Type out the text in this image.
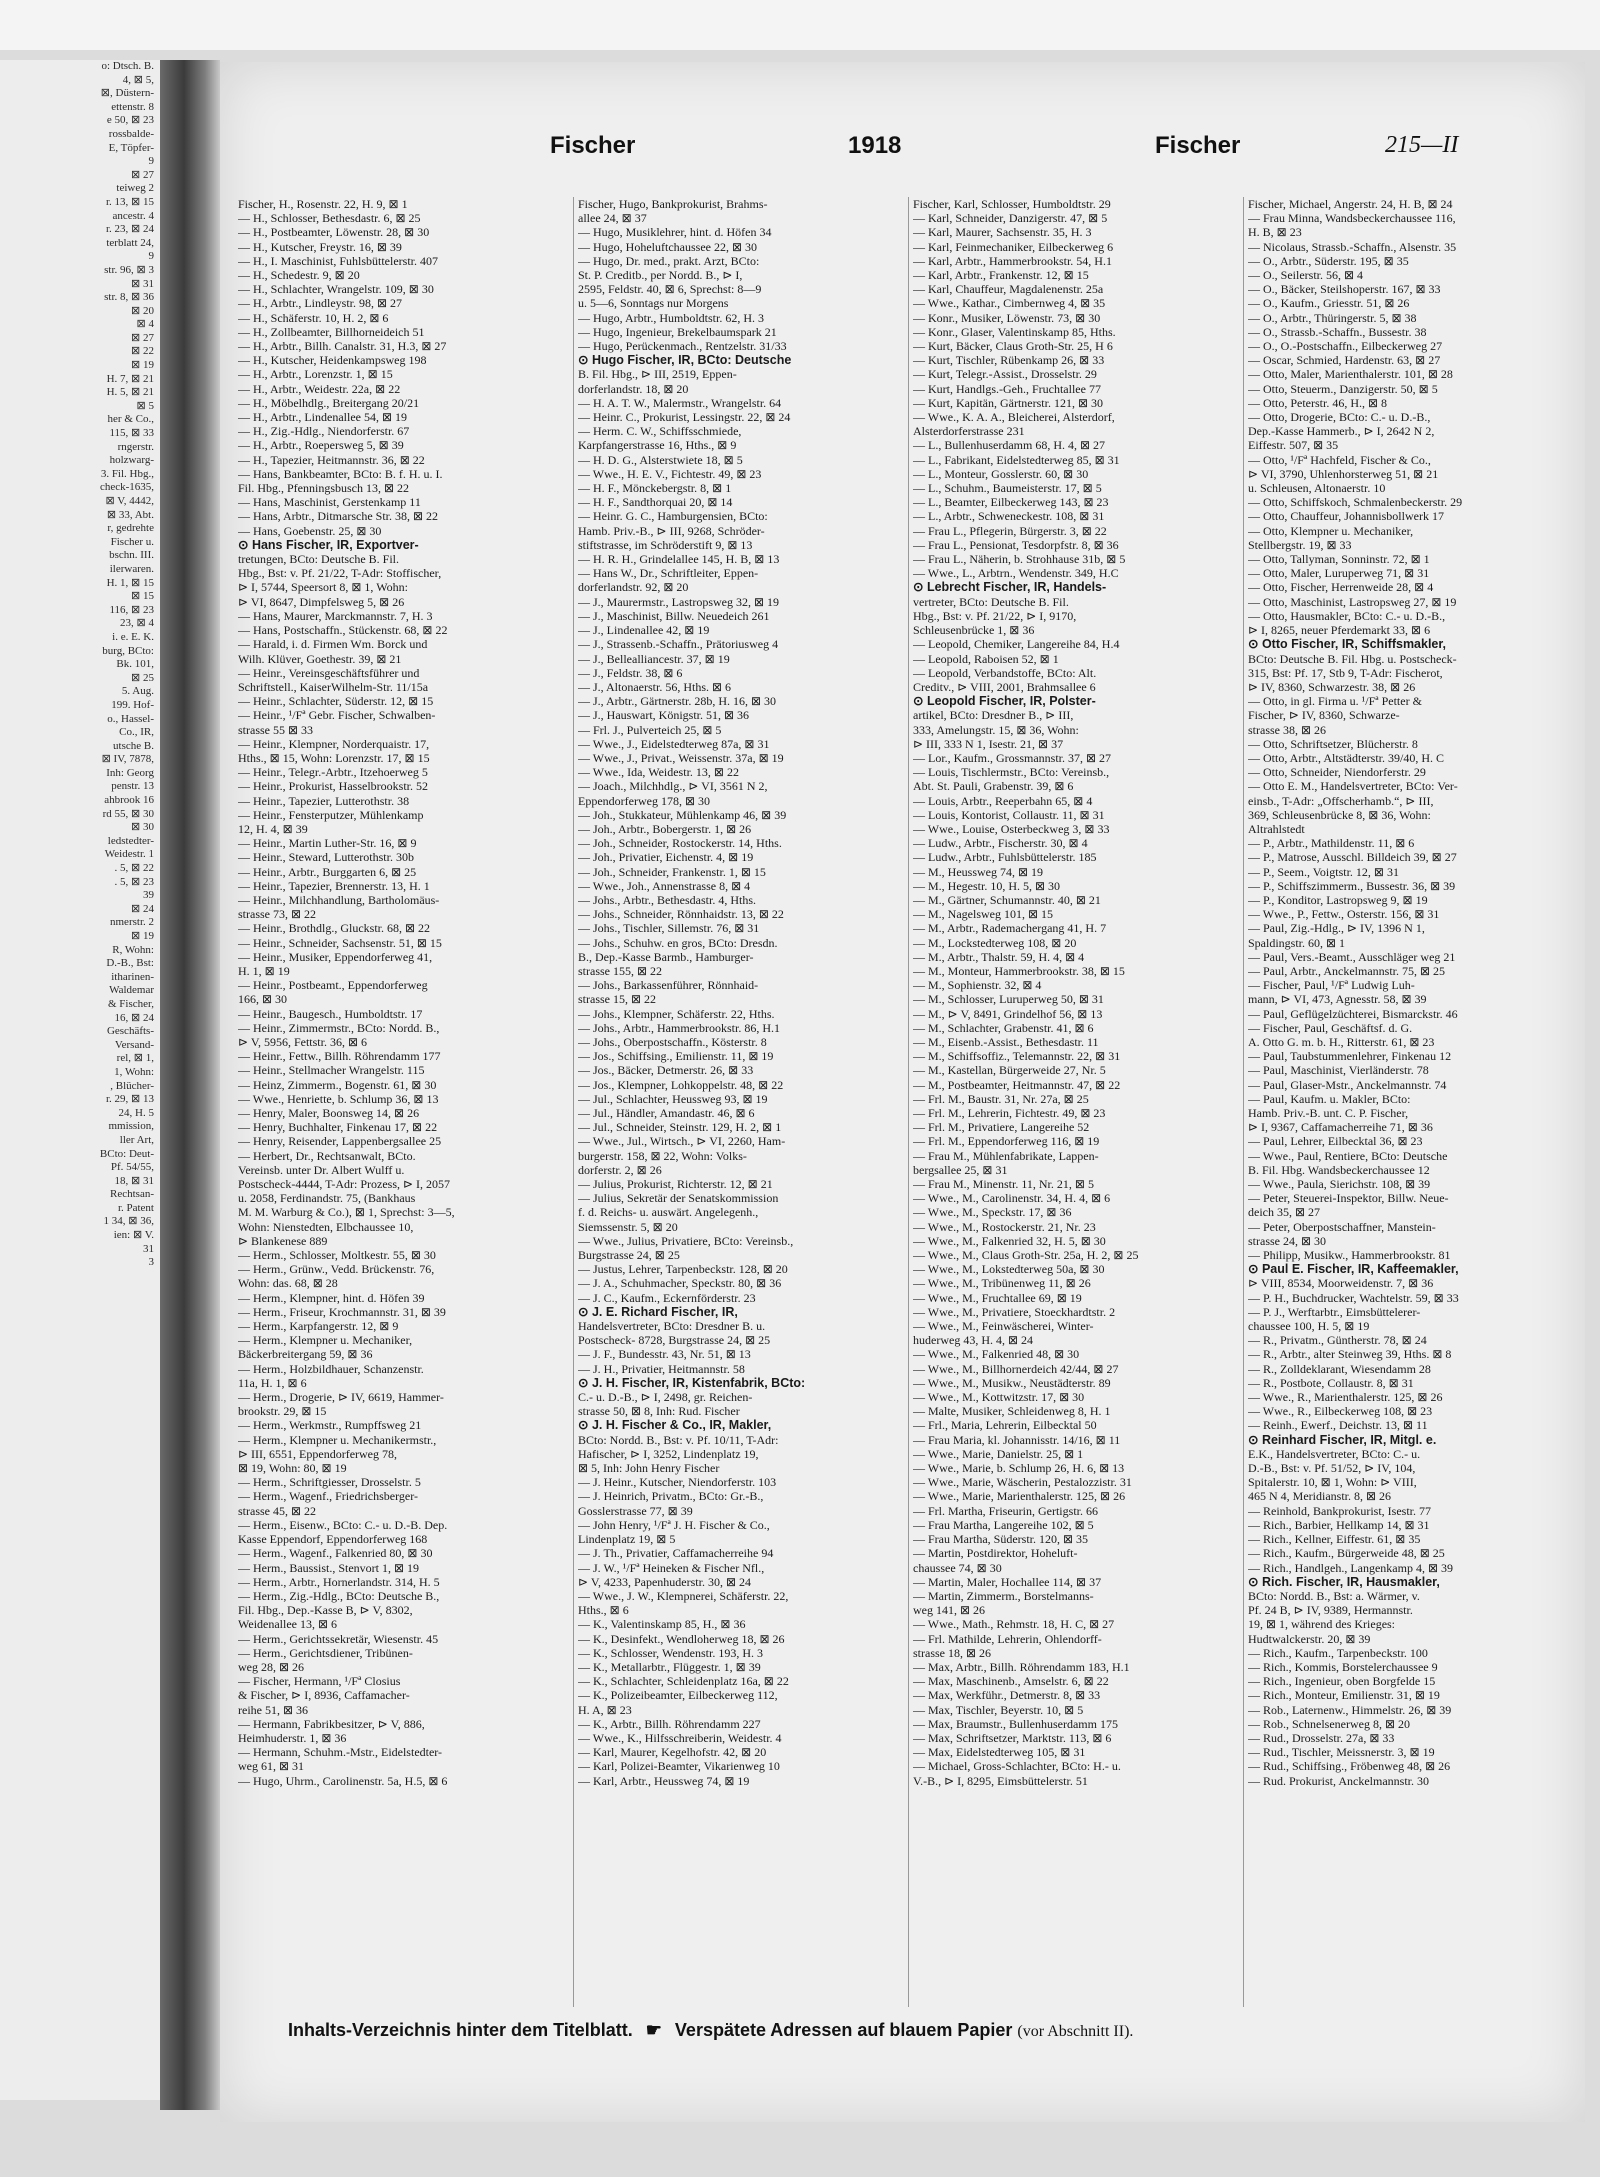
o: Dtsch. B.
4, ⊠ 5,
⊠, Düstern-
ettenstr. 8
e 50, ⊠ 23
rossbalde-
E, Töpfer-
9
⊠ 27
teiweg 2
r. 13, ⊠ 15
ancestr. 4
r. 23, ⊠ 24
terblatt 24,
9
str. 96, ⊠ 3
⊠ 31
str. 8, ⊠ 36
⊠ 20
⊠ 4
⊠ 27
⊠ 22
⊠ 19
H. 7, ⊠ 21
H. 5, ⊠ 21
⊠ 5
her & Co.,
115, ⊠ 33
rngerstr.
holzwarg-
3. Fil. Hbg.,
check-1635,
⊠ V, 4442,
⊠ 33, Abt.
r, gedrehte
Fischer u.
bschn. III.
ilerwaren.
H. 1, ⊠ 15
⊠ 15
116, ⊠ 23
23, ⊠ 4
i. e. E. K.
burg, BCto:
Bk. 101,
⊠ 25
5. Aug.
199. Hof-
o., Hassel-
Co., IR,
utsche B.
⊠ IV, 7878,
Inh: Georg
penstr. 13
ahbrook 16
rd 55, ⊠ 30
⊠ 30
ledstedter-
Weidestr. 1
. 5, ⊠ 22
. 5, ⊠ 23
39
⊠ 24
nmerstr. 2
⊠ 19
R, Wohn:
D.-B., Bst:
itharinen-
Waldemar
& Fischer,
16, ⊠ 24
Geschäfts-
Versand-
rel, ⊠ 1,
1, Wohn:
, Blücher-
r. 29, ⊠ 13
24, H. 5
mmission,
ller Art,
BCto: Deut-
Pf. 54/55,
18, ⊠ 31
Rechtsan-
r. Patent
1 34, ⊠ 36,
ien: ⊠ V.
31
3
Fischer	1918	Fischer	215—II
Fischer, H., Rosenstr. 22, H. 9, ⊠ 1
— H., Schlosser, Bethesdastr. 6, ⊠ 25
— H., Postbeamter, Löwenstr. 28, ⊠ 30
— H., Kutscher, Freystr. 16, ⊠ 39
— H., I. Maschinist, Fuhlsbüttelerstr. 407
— H., Schedestr. 9, ⊠ 20
— H., Schlachter, Wrangelstr. 109, ⊠ 30
— H., Arbtr., Lindleystr. 98, ⊠ 27
— H., Schäferstr. 10, H. 2, ⊠ 6
— H., Zollbeamter, Billhorneideich 51
— H., Arbtr., Billh. Canalstr. 31, H.3, ⊠ 27
— H., Kutscher, Heidenkampsweg 198
— H., Arbtr., Lorenzstr. 1, ⊠ 15
— H., Arbtr., Weidestr. 22a, ⊠ 22
— H., Möbelhdlg., Breitergang 20/21
— H., Arbtr., Lindenallee 54, ⊠ 19
— H., Zig.-Hdlg., Niendorferstr. 67
— H., Arbtr., Roepersweg 5, ⊠ 39
— H., Tapezier, Heitmannstr. 36, ⊠ 22
— Hans, Bankbeamter, BCto: B. f. H. u. I.
Fil. Hbg., Pfenningsbusch 13, ⊠ 22
— Hans, Maschinist, Gerstenkamp 11
— Hans, Arbtr., Ditmarsche Str. 38, ⊠ 22
— Hans, Goebenstr. 25, ⊠ 30
⊙ Hans Fischer, IR, Exportver-
tretungen, BCto: Deutsche B. Fil.
Hbg., Bst: v. Pf. 21/22, T-Adr: Stoffischer,
⊳ I, 5744, Speersort 8, ⊠ 1, Wohn:
⊳ VI, 8647, Dimpfelsweg 5, ⊠ 26
— Hans, Maurer, Marckmannstr. 7, H. 3
— Hans, Postschaffn., Stückenstr. 68, ⊠ 22
— Harald, i. d. Firmen Wm. Borck und
Wilh. Klüver, Goethestr. 39, ⊠ 21
— Heinr., Vereinsgeschäftsführer und
Schriftstell., KaiserWilhelm-Str. 11/15a
— Heinr., Schlachter, Süderstr. 12, ⊠ 15
— Heinr., ¹/Fª Gebr. Fischer, Schwalben-
strasse 55 ⊠ 33
— Heinr., Klempner, Norderquaistr. 17,
Hths., ⊠ 15, Wohn: Lorenzstr. 17, ⊠ 15
— Heinr., Telegr.-Arbtr., Itzehoerweg 5
— Heinr., Prokurist, Hasselbrookstr. 52
— Heinr., Tapezier, Lutterothstr. 38
— Heinr., Fensterputzer, Mühlenkamp
12, H. 4, ⊠ 39
— Heinr., Martin Luther-Str. 16, ⊠ 9
— Heinr., Steward, Lutterothstr. 30b
— Heinr., Arbtr., Burggarten 6, ⊠ 25
— Heinr., Tapezier, Brennerstr. 13, H. 1
— Heinr., Milchhandlung, Bartholomäus-
strasse 73, ⊠ 22
— Heinr., Brothdlg., Gluckstr. 68, ⊠ 22
— Heinr., Schneider, Sachsenstr. 51, ⊠ 15
— Heinr., Musiker, Eppendorferweg 41,
H. 1, ⊠ 19
— Heinr., Postbeamt., Eppendorferweg
166, ⊠ 30
— Heinr., Baugesch., Humboldtstr. 17
— Heinr., Zimmermstr., BCto: Nordd. B.,
⊳ V, 5956, Fettstr. 36, ⊠ 6
— Heinr., Fettw., Billh. Röhrendamm 177
— Heinr., Stellmacher Wrangelstr. 115
— Heinz, Zimmerm., Bogenstr. 61, ⊠ 30
— Wwe., Henriette, b. Schlump 36, ⊠ 13
— Henry, Maler, Boonsweg 14, ⊠ 26
— Henry, Buchhalter, Finkenau 17, ⊠ 22
— Henry, Reisender, Lappenbergsallee 25
— Herbert, Dr., Rechtsanwalt, BCto.
Vereinsb. unter Dr. Albert Wulff u.
Postscheck-4444, T-Adr: Prozess, ⊳ I, 2057
u. 2058, Ferdinandstr. 75, (Bankhaus
M. M. Warburg & Co.), ⊠ 1, Sprechst: 3—5,
Wohn: Nienstedten, Elbchaussee 10,
⊳ Blankenese 889
— Herm., Schlosser, Moltkestr. 55, ⊠ 30
— Herm., Grünw., Vedd. Brückenstr. 76,
Wohn: das. 68, ⊠ 28
— Herm., Klempner, hint. d. Höfen 39
— Herm., Friseur, Krochmannstr. 31, ⊠ 39
— Herm., Karpfangerstr. 12, ⊠ 9
— Herm., Klempner u. Mechaniker,
Bäckerbreitergang 59, ⊠ 36
— Herm., Holzbildhauer, Schanzenstr.
11a, H. 1, ⊠ 6
— Herm., Drogerie, ⊳ IV, 6619, Hammer-
brookstr. 29, ⊠ 15
— Herm., Werkmstr., Rumpffsweg 21
— Herm., Klempner u. Mechanikermstr.,
⊳ III, 6551, Eppendorferweg 78,
⊠ 19, Wohn: 80, ⊠ 19
— Herm., Schriftgiesser, Drosselstr. 5
— Herm., Wagenf., Friedrichsberger-
strasse 45, ⊠ 22
— Herm., Eisenw., BCto: C.- u. D.-B. Dep.
Kasse Eppendorf, Eppendorferweg 168
— Herm., Wagenf., Falkenried 80, ⊠ 30
— Herm., Baussist., Stenvort 1, ⊠ 19
— Herm., Arbtr., Hornerlandstr. 314, H. 5
— Herm., Zig.-Hdlg., BCto: Deutsche B.,
Fil. Hbg., Dep.-Kasse B, ⊳ V, 8302,
Weidenallee 13, ⊠ 6
— Herm., Gerichtssekretär, Wiesenstr. 45
— Herm., Gerichtsdiener, Tribünen-
weg 28, ⊠ 26
— Fischer, Hermann, ¹/Fª Closius
& Fischer, ⊳ I, 8936, Caffamacher-
reihe 51, ⊠ 36
— Hermann, Fabrikbesitzer, ⊳ V, 886,
Heimhuderstr. 1, ⊠ 36
— Hermann, Schuhm.-Mstr., Eidelstedter-
weg 61, ⊠ 31
— Hugo, Uhrm., Carolinenstr. 5a, H.5, ⊠ 6
Fischer, Hugo, Bankprokurist, Brahms-
allee 24, ⊠ 37
— Hugo, Musiklehrer, hint. d. Höfen 34
— Hugo, Hoheluftchaussee 22, ⊠ 30
— Hugo, Dr. med., prakt. Arzt, BCto:
St. P. Creditb., per Nordd. B., ⊳ I,
2595, Feldstr. 40, ⊠ 6, Sprechst: 8—9
u. 5—6, Sonntags nur Morgens
— Hugo, Arbtr., Humboldtstr. 62, H. 3
— Hugo, Ingenieur, Brekelbaumspark 21
— Hugo, Perückenmach., Rentzelstr. 31/33
⊙ Hugo Fischer, IR, BCto: Deutsche
B. Fil. Hbg., ⊳ III, 2519, Eppen-
dorferlandstr. 18, ⊠ 20
— H. A. T. W., Malermstr., Wrangelstr. 64
— Heinr. C., Prokurist, Lessingstr. 22, ⊠ 24
— Herm. C. W., Schiffsschmiede,
Karpfangerstrasse 16, Hths., ⊠ 9
— H. D. G., Alsterstwiete 18, ⊠ 5
— Wwe., H. E. V., Fichtestr. 49, ⊠ 23
— H. F., Mönckebergstr. 8, ⊠ 1
— H. F., Sandthorquai 20, ⊠ 14
— Heinr. G. C., Hamburgensien, BCto:
Hamb. Priv.-B., ⊳ III, 9268, Schröder-
stiftstrasse, im Schröderstift 9, ⊠ 13
— H. R. H., Grindelallee 145, H. B, ⊠ 13
— Hans W., Dr., Schriftleiter, Eppen-
dorferlandstr. 92, ⊠ 20
— J., Maurermstr., Lastropsweg 32, ⊠ 19
— J., Maschinist, Billw. Neuedeich 261
— J., Lindenallee 42, ⊠ 19
— J., Strassenb.-Schaffn., Prätoriusweg 4
— J., Bellealliancestr. 37, ⊠ 19
— J., Feldstr. 38, ⊠ 6
— J., Altonaerstr. 56, Hths. ⊠ 6
— J., Arbtr., Gärtnerstr. 28b, H. 16, ⊠ 30
— J., Hauswart, Königstr. 51, ⊠ 36
— Frl. J., Pulverteich 25, ⊠ 5
— Wwe., J., Eidelstedterweg 87a, ⊠ 31
— Wwe., J., Privat., Weissenstr. 37a, ⊠ 19
— Wwe., Ida, Weidestr. 13, ⊠ 22
— Joach., Milchhdlg., ⊳ VI, 3561 N 2,
Eppendorferweg 178, ⊠ 30
— Joh., Stukkateur, Mühlenkamp 46, ⊠ 39
— Joh., Arbtr., Bobergerstr. 1, ⊠ 26
— Joh., Schneider, Rostockerstr. 14, Hths.
— Joh., Privatier, Eichenstr. 4, ⊠ 19
— Joh., Schneider, Frankenstr. 1, ⊠ 15
— Wwe., Joh., Annenstrasse 8, ⊠ 4
— Johs., Arbtr., Bethesdastr. 4, Hths.
— Johs., Schneider, Rönnhaidstr. 13, ⊠ 22
— Johs., Tischler, Sillemstr. 76, ⊠ 31
— Johs., Schuhw. en gros, BCto: Dresdn.
B., Dep.-Kasse Barmb., Hamburger-
strasse 155, ⊠ 22
— Johs., Barkassenführer, Rönnhaid-
strasse 15, ⊠ 22
— Johs., Klempner, Schäferstr. 22, Hths.
— Johs., Arbtr., Hammerbrookstr. 86, H.1
— Johs., Oberpostschaffn., Kösterstr. 8
— Jos., Schiffsing., Emilienstr. 11, ⊠ 19
— Jos., Bäcker, Detmerstr. 26, ⊠ 33
— Jos., Klempner, Lohkoppelstr. 48, ⊠ 22
— Jul., Schlachter, Heussweg 93, ⊠ 19
— Jul., Händler, Amandastr. 46, ⊠ 6
— Jul., Schneider, Steinstr. 129, H. 2, ⊠ 1
— Wwe., Jul., Wirtsch., ⊳ VI, 2260, Ham-
burgerstr. 158, ⊠ 22, Wohn: Volks-
dorferstr. 2, ⊠ 26
— Julius, Prokurist, Richterstr. 12, ⊠ 21
— Julius, Sekretär der Senatskommission
f. d. Reichs- u. auswärt. Angelegenh.,
Siemssenstr. 5, ⊠ 20
— Wwe., Julius, Privatiere, BCto: Vereinsb.,
Burgstrasse 24, ⊠ 25
— Justus, Lehrer, Tarpenbeckstr. 128, ⊠ 20
— J. A., Schuhmacher, Speckstr. 80, ⊠ 36
— J. C., Kaufm., Eckernförderstr. 23
⊙ J. E. Richard Fischer, IR,
Handelsvertreter, BCto: Dresdner B. u.
Postscheck- 8728, Burgstrasse 24, ⊠ 25
— J. F., Bundesstr. 43, Nr. 51, ⊠ 13
— J. H., Privatier, Heitmannstr. 58
⊙ J. H. Fischer, IR, Kistenfabrik, BCto:
C.- u. D.-B., ⊳ I, 2498, gr. Reichen-
strasse 50, ⊠ 8, Inh: Rud. Fischer
⊙ J. H. Fischer & Co., IR, Makler,
BCto: Nordd. B., Bst: v. Pf. 10/11, T-Adr:
Hafischer, ⊳ I, 3252, Lindenplatz 19,
⊠ 5, Inh: John Henry Fischer
— J. Heinr., Kutscher, Niendorferstr. 103
— J. Heinrich, Privatm., BCto: Gr.-B.,
Gosslerstrasse 77, ⊠ 39
— John Henry, ¹/Fª J. H. Fischer & Co.,
Lindenplatz 19, ⊠ 5
— J. Th., Privatier, Caffamacherreihe 94
— J. W., ¹/Fª Heineken & Fischer Nfl.,
⊳ V, 4233, Papenhuderstr. 30, ⊠ 24
— Wwe., J. W., Klempnerei, Schäferstr. 22,
Hths., ⊠ 6
— K., Valentinskamp 85, H., ⊠ 36
— K., Desinfekt., Wendloherweg 18, ⊠ 26
— K., Schlosser, Wendenstr. 193, H. 3
— K., Metallarbtr., Flüggestr. 1, ⊠ 39
— K., Schlachter, Schleidenplatz 16a, ⊠ 22
— K., Polizeibeamter, Eilbeckerweg 112,
H. A, ⊠ 23
— K., Arbtr., Billh. Röhrendamm 227
— Wwe., K., Hilfsschreiberin, Weidestr. 4
— Karl, Maurer, Kegelhofstr. 42, ⊠ 20
— Karl, Polizei-Beamter, Vikarienweg 10
— Karl, Arbtr., Heussweg 74, ⊠ 19
Fischer, Karl, Schlosser, Humboldtstr. 29
— Karl, Schneider, Danzigerstr. 47, ⊠ 5
— Karl, Maurer, Sachsenstr. 35, H. 3
— Karl, Feinmechaniker, Eilbeckerweg 6
— Karl, Arbtr., Hammerbrookstr. 54, H.1
— Karl, Arbtr., Frankenstr. 12, ⊠ 15
— Karl, Chauffeur, Magdalenenstr. 25a
— Wwe., Kathar., Cimbernweg 4, ⊠ 35
— Konr., Musiker, Löwenstr. 73, ⊠ 30
— Konr., Glaser, Valentinskamp 85, Hths.
— Kurt, Bäcker, Claus Groth-Str. 25, H 6
— Kurt, Tischler, Rübenkamp 26, ⊠ 33
— Kurt, Telegr.-Assist., Drosselstr. 29
— Kurt, Handlgs.-Geh., Fruchtallee 77
— Kurt, Kapitän, Gärtnerstr. 121, ⊠ 30
— Wwe., K. A. A., Bleicherei, Alsterdorf,
Alsterdorferstrasse 231
— L., Bullenhuserdamm 68, H. 4, ⊠ 27
— L., Fabrikant, Eidelstedterweg 85, ⊠ 31
— L., Monteur, Gosslerstr. 60, ⊠ 30
— L., Schuhm., Baumeisterstr. 17, ⊠ 5
— L., Beamter, Eilbeckerweg 143, ⊠ 23
— L., Arbtr., Schweneckestr. 108, ⊠ 31
— Frau L., Pflegerin, Bürgerstr. 3, ⊠ 22
— Frau L., Pensionat, Tesdorpfstr. 8, ⊠ 36
— Frau L., Näherin, b. Strohhause 31b, ⊠ 5
— Wwe., L., Arbtrn., Wendenstr. 349, H.C
⊙ Lebrecht Fischer, IR, Handels-
vertreter, BCto: Deutsche B. Fil.
Hbg., Bst: v. Pf. 21/22, ⊳ I, 9170,
Schleusenbrücke 1, ⊠ 36
— Leopold, Chemiker, Langereihe 84, H.4
— Leopold, Raboisen 52, ⊠ 1
— Leopold, Verbandstoffe, BCto: Alt.
Creditv., ⊳ VIII, 2001, Brahmsallee 6
⊙ Leopold Fischer, IR, Polster-
artikel, BCto: Dresdner B., ⊳ III,
333, Amelungstr. 15, ⊠ 36, Wohn:
⊳ III, 333 N 1, Isestr. 21, ⊠ 37
— Lor., Kaufm., Grossmannstr. 37, ⊠ 27
— Louis, Tischlermstr., BCto: Vereinsb.,
Abt. St. Pauli, Grabenstr. 39, ⊠ 6
— Louis, Arbtr., Reeperbahn 65, ⊠ 4
— Louis, Kontorist, Collaustr. 11, ⊠ 31
— Wwe., Louise, Osterbeckweg 3, ⊠ 33
— Ludw., Arbtr., Fischerstr. 30, ⊠ 4
— Ludw., Arbtr., Fuhlsbüttelerstr. 185
— M., Heussweg 74, ⊠ 19
— M., Hegestr. 10, H. 5, ⊠ 30
— M., Gärtner, Schumannstr. 40, ⊠ 21
— M., Nagelsweg 101, ⊠ 15
— M., Arbtr., Rademachergang 41, H. 7
— M., Lockstedterweg 108, ⊠ 20
— M., Arbtr., Thalstr. 59, H. 4, ⊠ 4
— M., Monteur, Hammerbrookstr. 38, ⊠ 15
— M., Sophienstr. 32, ⊠ 4
— M., Schlosser, Luruperweg 50, ⊠ 31
— M., ⊳ V, 8491, Grindelhof 56, ⊠ 13
— M., Schlachter, Grabenstr. 41, ⊠ 6
— M., Eisenb.-Assist., Bethesdastr. 11
— M., Schiffsoffiz., Telemannstr. 22, ⊠ 31
— M., Kastellan, Bürgerweide 27, Nr. 5
— M., Postbeamter, Heitmannstr. 47, ⊠ 22
— Frl. M., Baustr. 31, Nr. 27a, ⊠ 25
— Frl. M., Lehrerin, Fichtestr. 49, ⊠ 23
— Frl. M., Privatiere, Langereihe 52
— Frl. M., Eppendorferweg 116, ⊠ 19
— Frau M., Mühlenfabrikate, Lappen-
bergsallee 25, ⊠ 31
— Frau M., Minenstr. 11, Nr. 21, ⊠ 5
— Wwe., M., Carolinenstr. 34, H. 4, ⊠ 6
— Wwe., M., Speckstr. 17, ⊠ 36
— Wwe., M., Rostockerstr. 21, Nr. 23
— Wwe., M., Falkenried 32, H. 5, ⊠ 30
— Wwe., M., Claus Groth-Str. 25a, H. 2, ⊠ 25
— Wwe., M., Lokstedterweg 50a, ⊠ 30
— Wwe., M., Tribünenweg 11, ⊠ 26
— Wwe., M., Fruchtallee 69, ⊠ 19
— Wwe., M., Privatiere, Stoeckhardtstr. 2
— Wwe., M., Feinwäscherei, Winter-
huderweg 43, H. 4, ⊠ 24
— Wwe., M., Falkenried 48, ⊠ 30
— Wwe., M., Billhornerdeich 42/44, ⊠ 27
— Wwe., M., Musikw., Neustädterstr. 89
— Wwe., M., Kottwitzstr. 17, ⊠ 30
— Malte, Musiker, Schleidenweg 8, H. 1
— Frl., Maria, Lehrerin, Eilbecktal 50
— Frau Maria, kl. Johannisstr. 14/16, ⊠ 11
— Wwe., Marie, Danielstr. 25, ⊠ 1
— Wwe., Marie, b. Schlump 26, H. 6, ⊠ 13
— Wwe., Marie, Wäscherin, Pestalozzistr. 31
— Wwe., Marie, Marienthalerstr. 125, ⊠ 26
— Frl. Martha, Friseurin, Gertigstr. 66
— Frau Martha, Langereihe 102, ⊠ 5
— Frau Martha, Süderstr. 120, ⊠ 35
— Martin, Postdirektor, Hoheluft-
chaussee 74, ⊠ 30
— Martin, Maler, Hochallee 114, ⊠ 37
— Martin, Zimmerm., Borstelmanns-
weg 141, ⊠ 26
— Wwe., Math., Rehmstr. 18, H. C, ⊠ 27
— Frl. Mathilde, Lehrerin, Ohlendorff-
strasse 18, ⊠ 26
— Max, Arbtr., Billh. Röhrendamm 183, H.1
— Max, Maschinenb., Amselstr. 6, ⊠ 22
— Max, Werkführ., Detmerstr. 8, ⊠ 33
— Max, Tischler, Beyerstr. 10, ⊠ 5
— Max, Braumstr., Bullenhuserdamm 175
— Max, Schriftsetzer, Marktstr. 113, ⊠ 6
— Max, Eidelstedterweg 105, ⊠ 31
— Michael, Gross-Schlachter, BCto: H.- u.
V.-B., ⊳ I, 8295, Eimsbüttelerstr. 51
Fischer, Michael, Angerstr. 24, H. B, ⊠ 24
— Frau Minna, Wandsbeckerchaussee 116,
H. B, ⊠ 23
— Nicolaus, Strassb.-Schaffn., Alsenstr. 35
— O., Arbtr., Süderstr. 195, ⊠ 35
— O., Seilerstr. 56, ⊠ 4
— O., Bäcker, Steilshoperstr. 167, ⊠ 33
— O., Kaufm., Griesstr. 51, ⊠ 26
— O., Arbtr., Thüringerstr. 5, ⊠ 38
— O., Strassb.-Schaffn., Bussestr. 38
— O., O.-Postschaffn., Eilbeckerweg 27
— Oscar, Schmied, Hardenstr. 63, ⊠ 27
— Otto, Maler, Marienthalerstr. 101, ⊠ 28
— Otto, Steuerm., Danzigerstr. 50, ⊠ 5
— Otto, Peterstr. 46, H., ⊠ 8
— Otto, Drogerie, BCto: C.- u. D.-B.,
Dep.-Kasse Hammerb., ⊳ I, 2642 N 2,
Eiffestr. 507, ⊠ 35
— Otto, ¹/Fª Hachfeld, Fischer & Co.,
⊳ VI, 3790, Uhlenhorsterweg 51, ⊠ 21
u. Schleusen, Altonaerstr. 10
— Otto, Schiffskoch, Schmalenbeckerstr. 29
— Otto, Chauffeur, Johannisbollwerk 17
— Otto, Klempner u. Mechaniker,
Stellbergstr. 19, ⊠ 33
— Otto, Tallyman, Sonninstr. 72, ⊠ 1
— Otto, Maler, Luruperweg 71, ⊠ 31
— Otto, Fischer, Herrenweide 28, ⊠ 4
— Otto, Maschinist, Lastropsweg 27, ⊠ 19
— Otto, Hausmakler, BCto: C.- u. D.-B.,
⊳ I, 8265, neuer Pferdemarkt 33, ⊠ 6
⊙ Otto Fischer, IR, Schiffsmakler,
BCto: Deutsche B. Fil. Hbg. u. Postscheck-
315, Bst: Pf. 17, Stb 9, T-Adr: Fischerot,
⊳ IV, 8360, Schwarzestr. 38, ⊠ 26
— Otto, in gl. Firma u. ¹/Fª Petter &
Fischer, ⊳ IV, 8360, Schwarze-
strasse 38, ⊠ 26
— Otto, Schriftsetzer, Blücherstr. 8
— Otto, Arbtr., Altstädterstr. 39/40, H. C
— Otto, Schneider, Niendorferstr. 29
— Otto E. M., Handelsvertreter, BCto: Ver-
einsb., T-Adr: „Offscherhamb.“, ⊳ III,
369, Schleusenbrücke 8, ⊠ 36, Wohn:
Altrahlstedt
— P., Arbtr., Mathildenstr. 11, ⊠ 6
— P., Matrose, Ausschl. Billdeich 39, ⊠ 27
— P., Seem., Voigtstr. 12, ⊠ 31
— P., Schiffszimmerm., Bussestr. 36, ⊠ 39
— P., Konditor, Lastropsweg 9, ⊠ 19
— Wwe., P., Fettw., Osterstr. 156, ⊠ 31
— Paul, Zig.-Hdlg., ⊳ IV, 1396 N 1,
Spaldingstr. 60, ⊠ 1
— Paul, Vers.-Beamt., Ausschläger weg 21
— Paul, Arbtr., Anckelmannstr. 75, ⊠ 25
— Fischer, Paul, ¹/Fª Ludwig Luh-
mann, ⊳ VI, 473, Agnesstr. 58, ⊠ 39
— Paul, Geflügelzüchterei, Bismarckstr. 46
— Fischer, Paul, Geschäftsf. d. G.
A. Otto G. m. b. H., Ritterstr. 61, ⊠ 23
— Paul, Taubstummenlehrer, Finkenau 12
— Paul, Maschinist, Vierländerstr. 78
— Paul, Glaser-Mstr., Anckelmannstr. 74
— Paul, Kaufm. u. Makler, BCto:
Hamb. Priv.-B. unt. C. P. Fischer,
⊳ I, 9367, Caffamacherreihe 71, ⊠ 36
— Paul, Lehrer, Eilbecktal 36, ⊠ 23
— Wwe., Paul, Rentiere, BCto: Deutsche
B. Fil. Hbg. Wandsbeckerchaussee 12
— Wwe., Paula, Sierichstr. 108, ⊠ 39
— Peter, Steuerei-Inspektor, Billw. Neue-
deich 35, ⊠ 27
— Peter, Oberpostschaffner, Manstein-
strasse 24, ⊠ 30
— Philipp, Musikw., Hammerbrookstr. 81
⊙ Paul E. Fischer, IR, Kaffeemakler,
⊳ VIII, 8534, Moorweidenstr. 7, ⊠ 36
— P. H., Buchdrucker, Wachtelstr. 59, ⊠ 33
— P. J., Werftarbtr., Eimsbüttelerer-
chaussee 100, H. 5, ⊠ 19
— R., Privatm., Güntherstr. 78, ⊠ 24
— R., Arbtr., alter Steinweg 39, Hths. ⊠ 8
— R., Zolldeklarant, Wiesendamm 28
— R., Postbote, Collaustr. 8, ⊠ 31
— Wwe., R., Marienthalerstr. 125, ⊠ 26
— Wwe., R., Eilbeckerweg 108, ⊠ 23
— Reinh., Ewerf., Deichstr. 13, ⊠ 11
⊙ Reinhard Fischer, IR, Mitgl. e.
E.K., Handelsvertreter, BCto: C.- u.
D.-B., Bst: v. Pf. 51/52, ⊳ IV, 104,
Spitalerstr. 10, ⊠ 1, Wohn: ⊳ VIII,
465 N 4, Meridianstr. 8, ⊠ 26
— Reinhold, Bankprokurist, Isestr. 77
— Rich., Barbier, Hellkamp 14, ⊠ 31
— Rich., Kellner, Eiffestr. 61, ⊠ 35
— Rich., Kaufm., Bürgerweide 48, ⊠ 25
— Rich., Handlgeh., Langenkamp 4, ⊠ 39
⊙ Rich. Fischer, IR, Hausmakler,
BCto: Nordd. B., Bst: a. Wärmer, v.
Pf. 24 B, ⊳ IV, 9389, Hermannstr.
19, ⊠ 1, während des Krieges:
Hudtwalckerstr. 20, ⊠ 39
— Rich., Kaufm., Tarpenbeckstr. 100
— Rich., Kommis, Borstelerchaussee 9
— Rich., Ingenieur, oben Borgfelde 15
— Rich., Monteur, Emilienstr. 31, ⊠ 19
— Rob., Laternenw., Himmelstr. 26, ⊠ 39
— Rob., Schnelsenerweg 8, ⊠ 20
— Rud., Drosselstr. 27a, ⊠ 33
— Rud., Tischler, Meissnerstr. 3, ⊠ 19
— Rud., Schiffsing., Fröbenweg 48, ⊠ 26
— Rud. Prokurist, Anckelmannstr. 30
Inhalts-Verzeichnis hinter dem Titelblatt. ☛ Verspätete Adressen auf blauem Papier (vor Abschnitt II).
